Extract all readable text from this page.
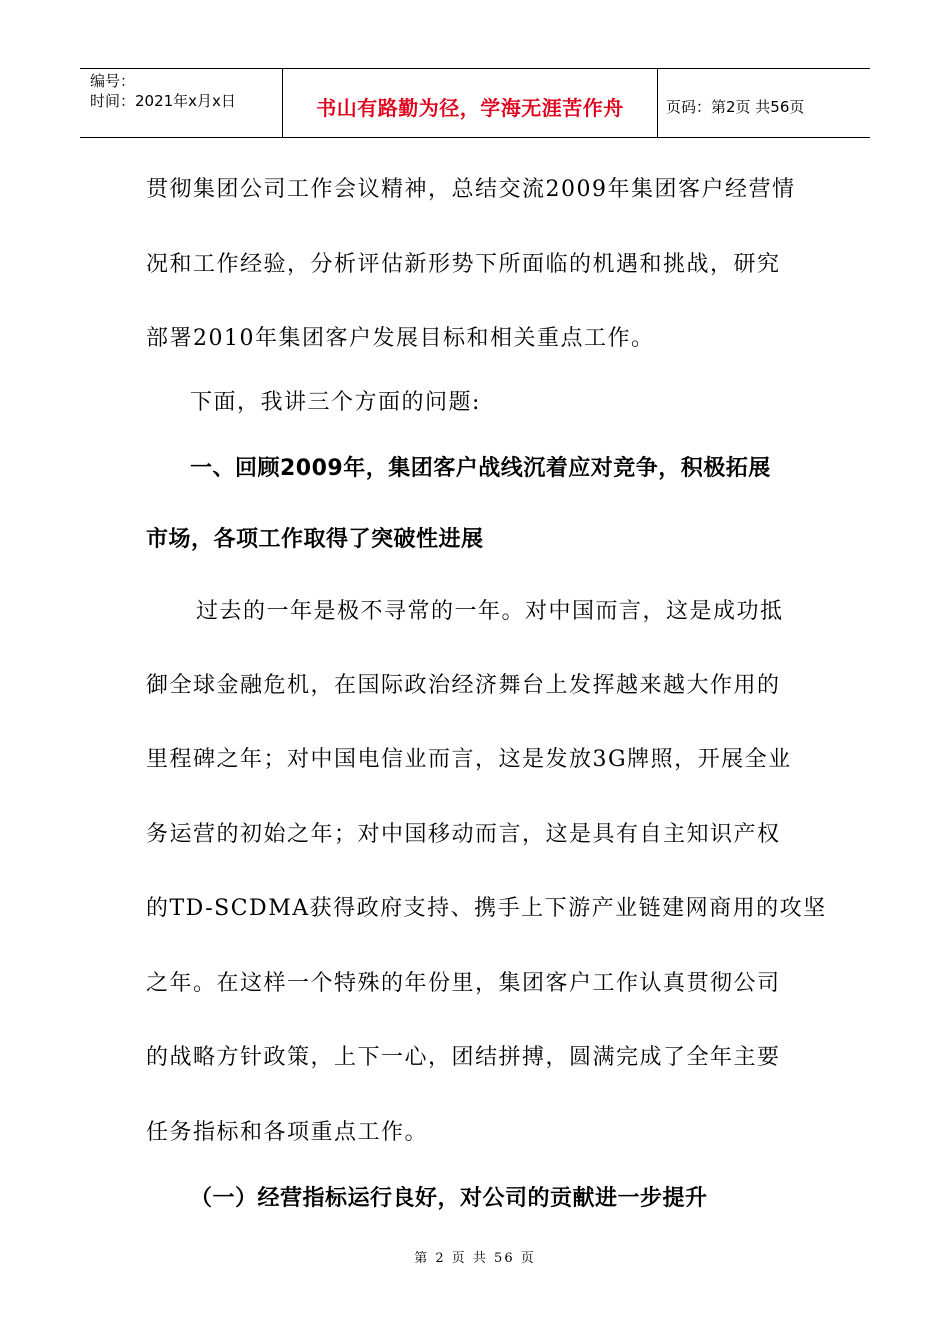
编号：
时间：2021年x月x日	书山有路勤为径，学海无涯苦作舟	页码：第2页 共56页
贯彻集团公司工作会议精神，总结交流2009年集团客户经营情
况和工作经验，分析评估新形势下所面临的机遇和挑战，研究
部署2010年集团客户发展目标和相关重点工作。
下面，我讲三个方面的问题:
一、回顾2009年，集团客户战线沉着应对竞争，积极拓展
市场，各项工作取得了突破性进展
过去的一年是极不寻常的一年。对中国而言，这是成功抵
御全球金融危机，在国际政治经济舞台上发挥越来越大作用的
里程碑之年；对中国电信业而言，这是发放3G牌照，开展全业
务运营的初始之年；对中国移动而言，这是具有自主知识产权
的TD-SCDMA获得政府支持、携手上下游产业链建网商用的攻坚
之年。在这样一个特殊的年份里，集团客户工作认真贯彻公司
的战略方针政策，上下一心，团结拼搏，圆满完成了全年主要
任务指标和各项重点工作。
（一）经营指标运行良好，对公司的贡献进一步提升
第 2 页 共 56 页
